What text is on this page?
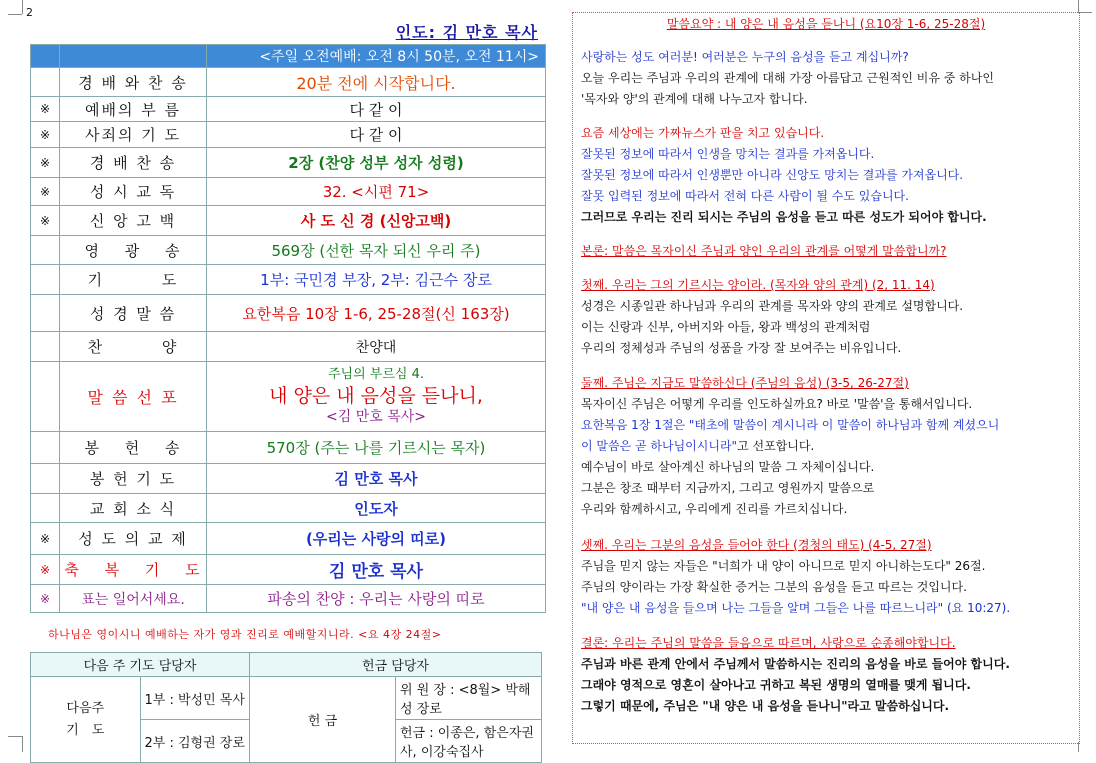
2
인도: 김 만호 목사
		<주일 오전예배: 오전 8시 50분, 오전 11시>
	경 배 와 찬 송	20분 전에 시작합니다.
※	예배의 부 름	다 같 이
※	사죄의 기 도	다 같 이
※	경 배 찬 송	2장 (찬양 성부 성자 성령)
※	성 시 교 독	32. <시편 71>
※	신 앙 고 백	사 도 신 경 (신앙고백)
	영　 광　 송	569장 (선한 목자 되신 우리 주)
	기　　　 도	1부: 국민경 부장, 2부: 김근수 장로
	성 경 말 씀	요한복음 10장 1-6, 25-28절(신 163장)
	찬　　　 양	찬양대
	말 씀 선 포	주님의 부르심 4.
내 양은 내 음성을 듣나니,
<김 만호 목사>

	봉　 헌　 송	570장 (주는 나를 기르시는 목자)
	봉 헌 기 도	김 만호 목사
	교 회 소 식	인도자
※	성 도 의 교 제	(우리는 사랑의 띠로)
※	축　 복　 기　 도	김 만호 목사
※	표는 일어서세요.	파송의 찬양 : 우리는 사랑의 띠로
하나님은 영이시니 예배하는 자가 영과 진리로 예배할지니라. <요 4장 24절>
다음 주 기도 담당자		헌금 담당자	

다음주
기　도	1부 : 박성민 목사	헌 금	위 원 장 : <8월> 박해성 장로
	2부 : 김형권 장로		헌금 : 이종은, 함은자권사, 이강숙집사
말씀요약 : 내 양은 내 음성을 듣나니 (요10장 1-6, 25-28절)
사랑하는 성도 여러분! 여러분은 누구의 음성을 듣고 계십니까?
오늘 우리는 주님과 우리의 관계에 대해 가장 아름답고 근원적인 비유 중 하나인
'목자와 양'의 관계에 대해 나누고자 합니다.
요즘 세상에는 가짜뉴스가 판을 치고 있습니다.
잘못된 정보에 따라서 인생을 망치는 결과를 가져옵니다.
잘못된 정보에 따라서 인생뿐만 아니라 신앙도 망치는 결과를 가져옵니다.
잘못 입력된 정보에 따라서 전혀 다른 사람이 될 수도 있습니다.
그러므로 우리는 진리 되시는 주님의 음성을 듣고 따른 성도가 되어야 합니다.
본론: 말씀은 목자이신 주님과 양인 우리의 관계를 어떻게 말씀합니까?
첫째. 우리는 그의 기르시는 양이라. (목자와 양의 관계) (2, 11. 14)
성경은 시종일관 하나님과 우리의 관계를 목자와 양의 관계로 설명합니다.
이는 신랑과 신부, 아버지와 아들, 왕과 백성의 관계처럼
우리의 정체성과 주님의 성품을 가장 잘 보여주는 비유입니다.
둘째. 주님은 지금도 말씀하신다 (주님의 음성) (3-5, 26-27절)
목자이신 주님은 어떻게 우리를 인도하실까요? 바로 '말씀'을 통해서입니다.
요한복음 1장 1절은 "태초에 말씀이 계시니라 이 말씀이 하나님과 함께 계셨으니
이 말씀은 곧 하나님이시니라"고 선포합니다.
예수님이 바로 살아계신 하나님의 말씀 그 자체이십니다.
그분은 창조 때부터 지금까지, 그리고 영원까지 말씀으로
우리와 함께하시고, 우리에게 진리를 가르치십니다.
셋째. 우리는 그분의 음성을 들어야 한다 (경청의 태도) (4-5, 27절)
주님을 믿지 않는 자들은 "너희가 내 양이 아니므로 믿지 아니하는도다" 26절.
주님의 양이라는 가장 확실한 증거는 그분의 음성을 듣고 따르는 것입니다.
"내 양은 내 음성을 들으며 나는 그들을 알며 그들은 나를 따르느니라" (요 10:27).
결론: 우리는 주님의 말씀을 들음으로 따르며, 사랑으로 순종해야합니다.
주님과 바른 관계 안에서 주님께서 말씀하시는 진리의 음성을 바로 들어야 합니다.
그래야 영적으로 영혼이 살아나고 귀하고 복된 생명의 열매를 맺게 됩니다.
그렇기 때문에, 주님은 "내 양은 내 음성을 듣나니"라고 말씀하십니다.
